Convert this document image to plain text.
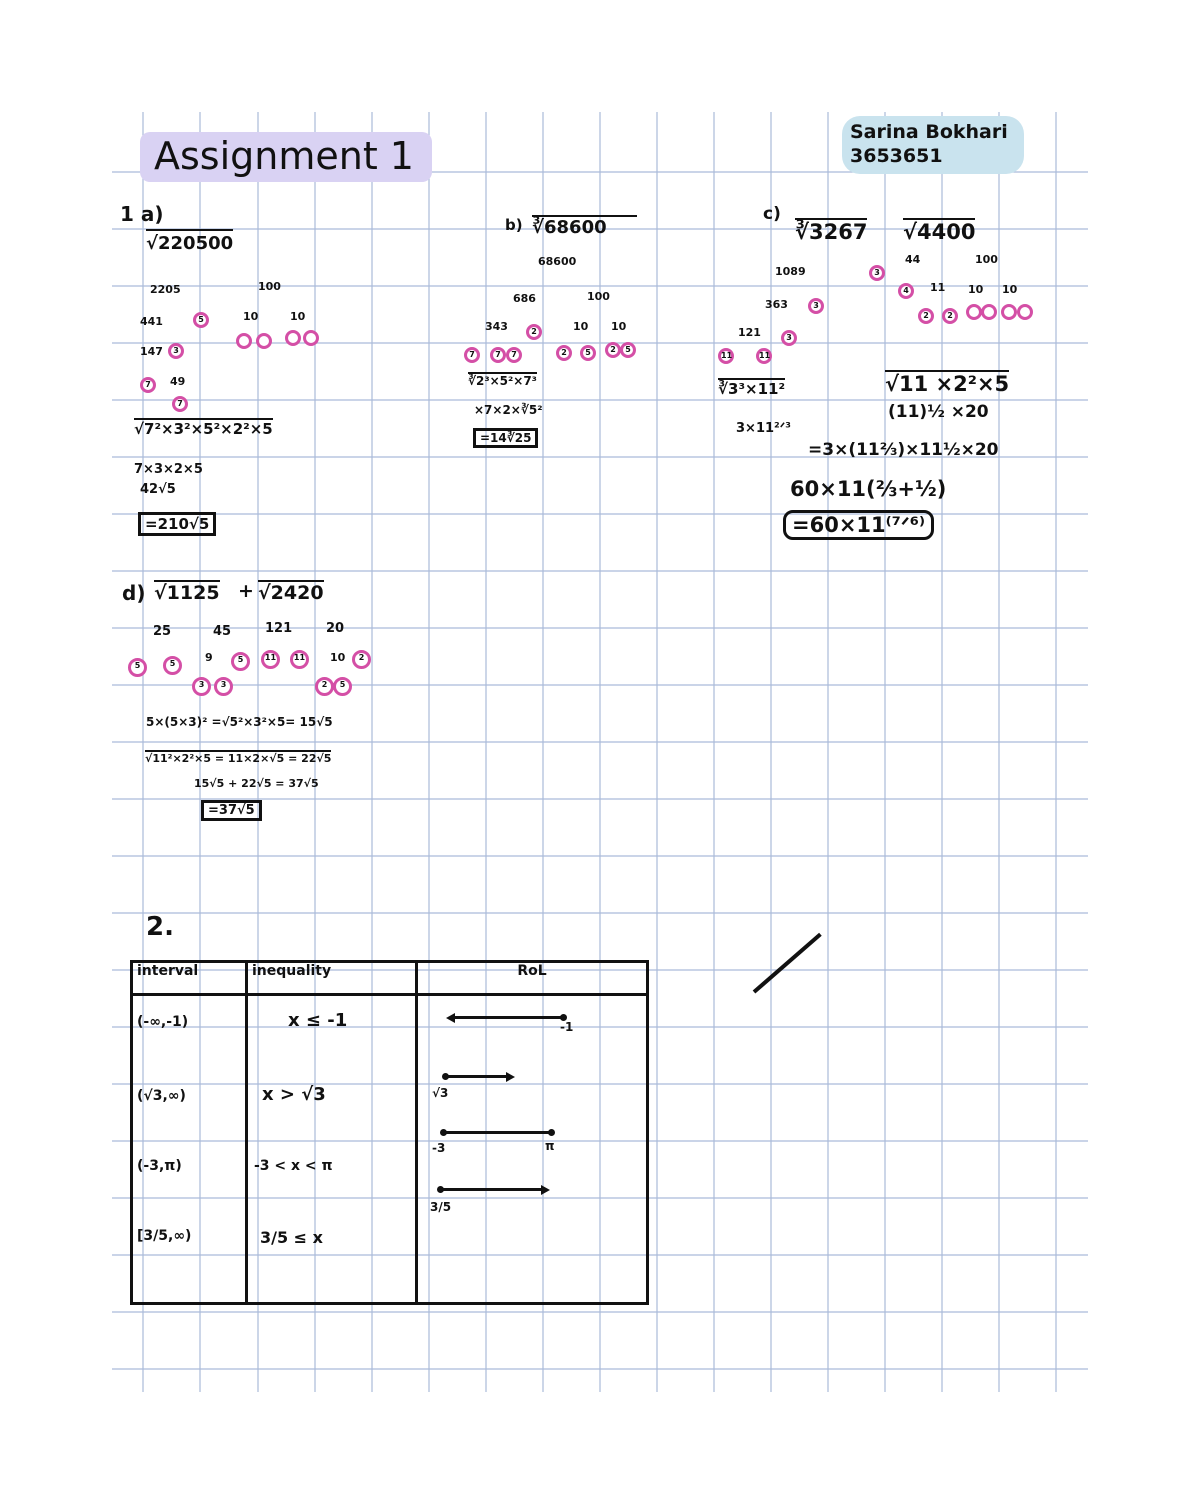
Assignment 1
Sarina Bokhari
3653651
1 a)
√220500
2205	100
441	5	10	10
147	3
49
7
7
√7²×3²×5²×2²×5
7×3×2×5
42√5
=210√5
b) ∛68600
68600
686	100
343	2	10 10
7	7	7	2	5	2	5
∛2³×5²×7³
×7×2×∛5²
=14∛25
c)
∛3267 √4400
1089	3
363	3
121	3
11	11
44	100
4	11
2	2
10 10
∛3³×11²
3×11²ᐟ³
√11 ×2²×5
(11)½ ×20
=3×(11⅔)×11½×20
60×11(⅔+½)
=60×11⁽⁷ᐟ⁶⁾
d) √1125 + √2420
25	45	121	20
5	5	9	5	11	11	10	2
3	3	2	5
5×(5×3)² =√5²×3²×5= 15√5
√11²×2²×5 = 11×2×√5 = 22√5
15√5 + 22√5 = 37√5
=37√5
2.
interval	inequality	RoL
(-∞,-1)	x ≤ -1	
(√3,∞)	x > √3	
(-3,π)	-3 < x < π	
[3/5,∞)	3/5 ≤ x	

-1
√3
-3	π
3/5
